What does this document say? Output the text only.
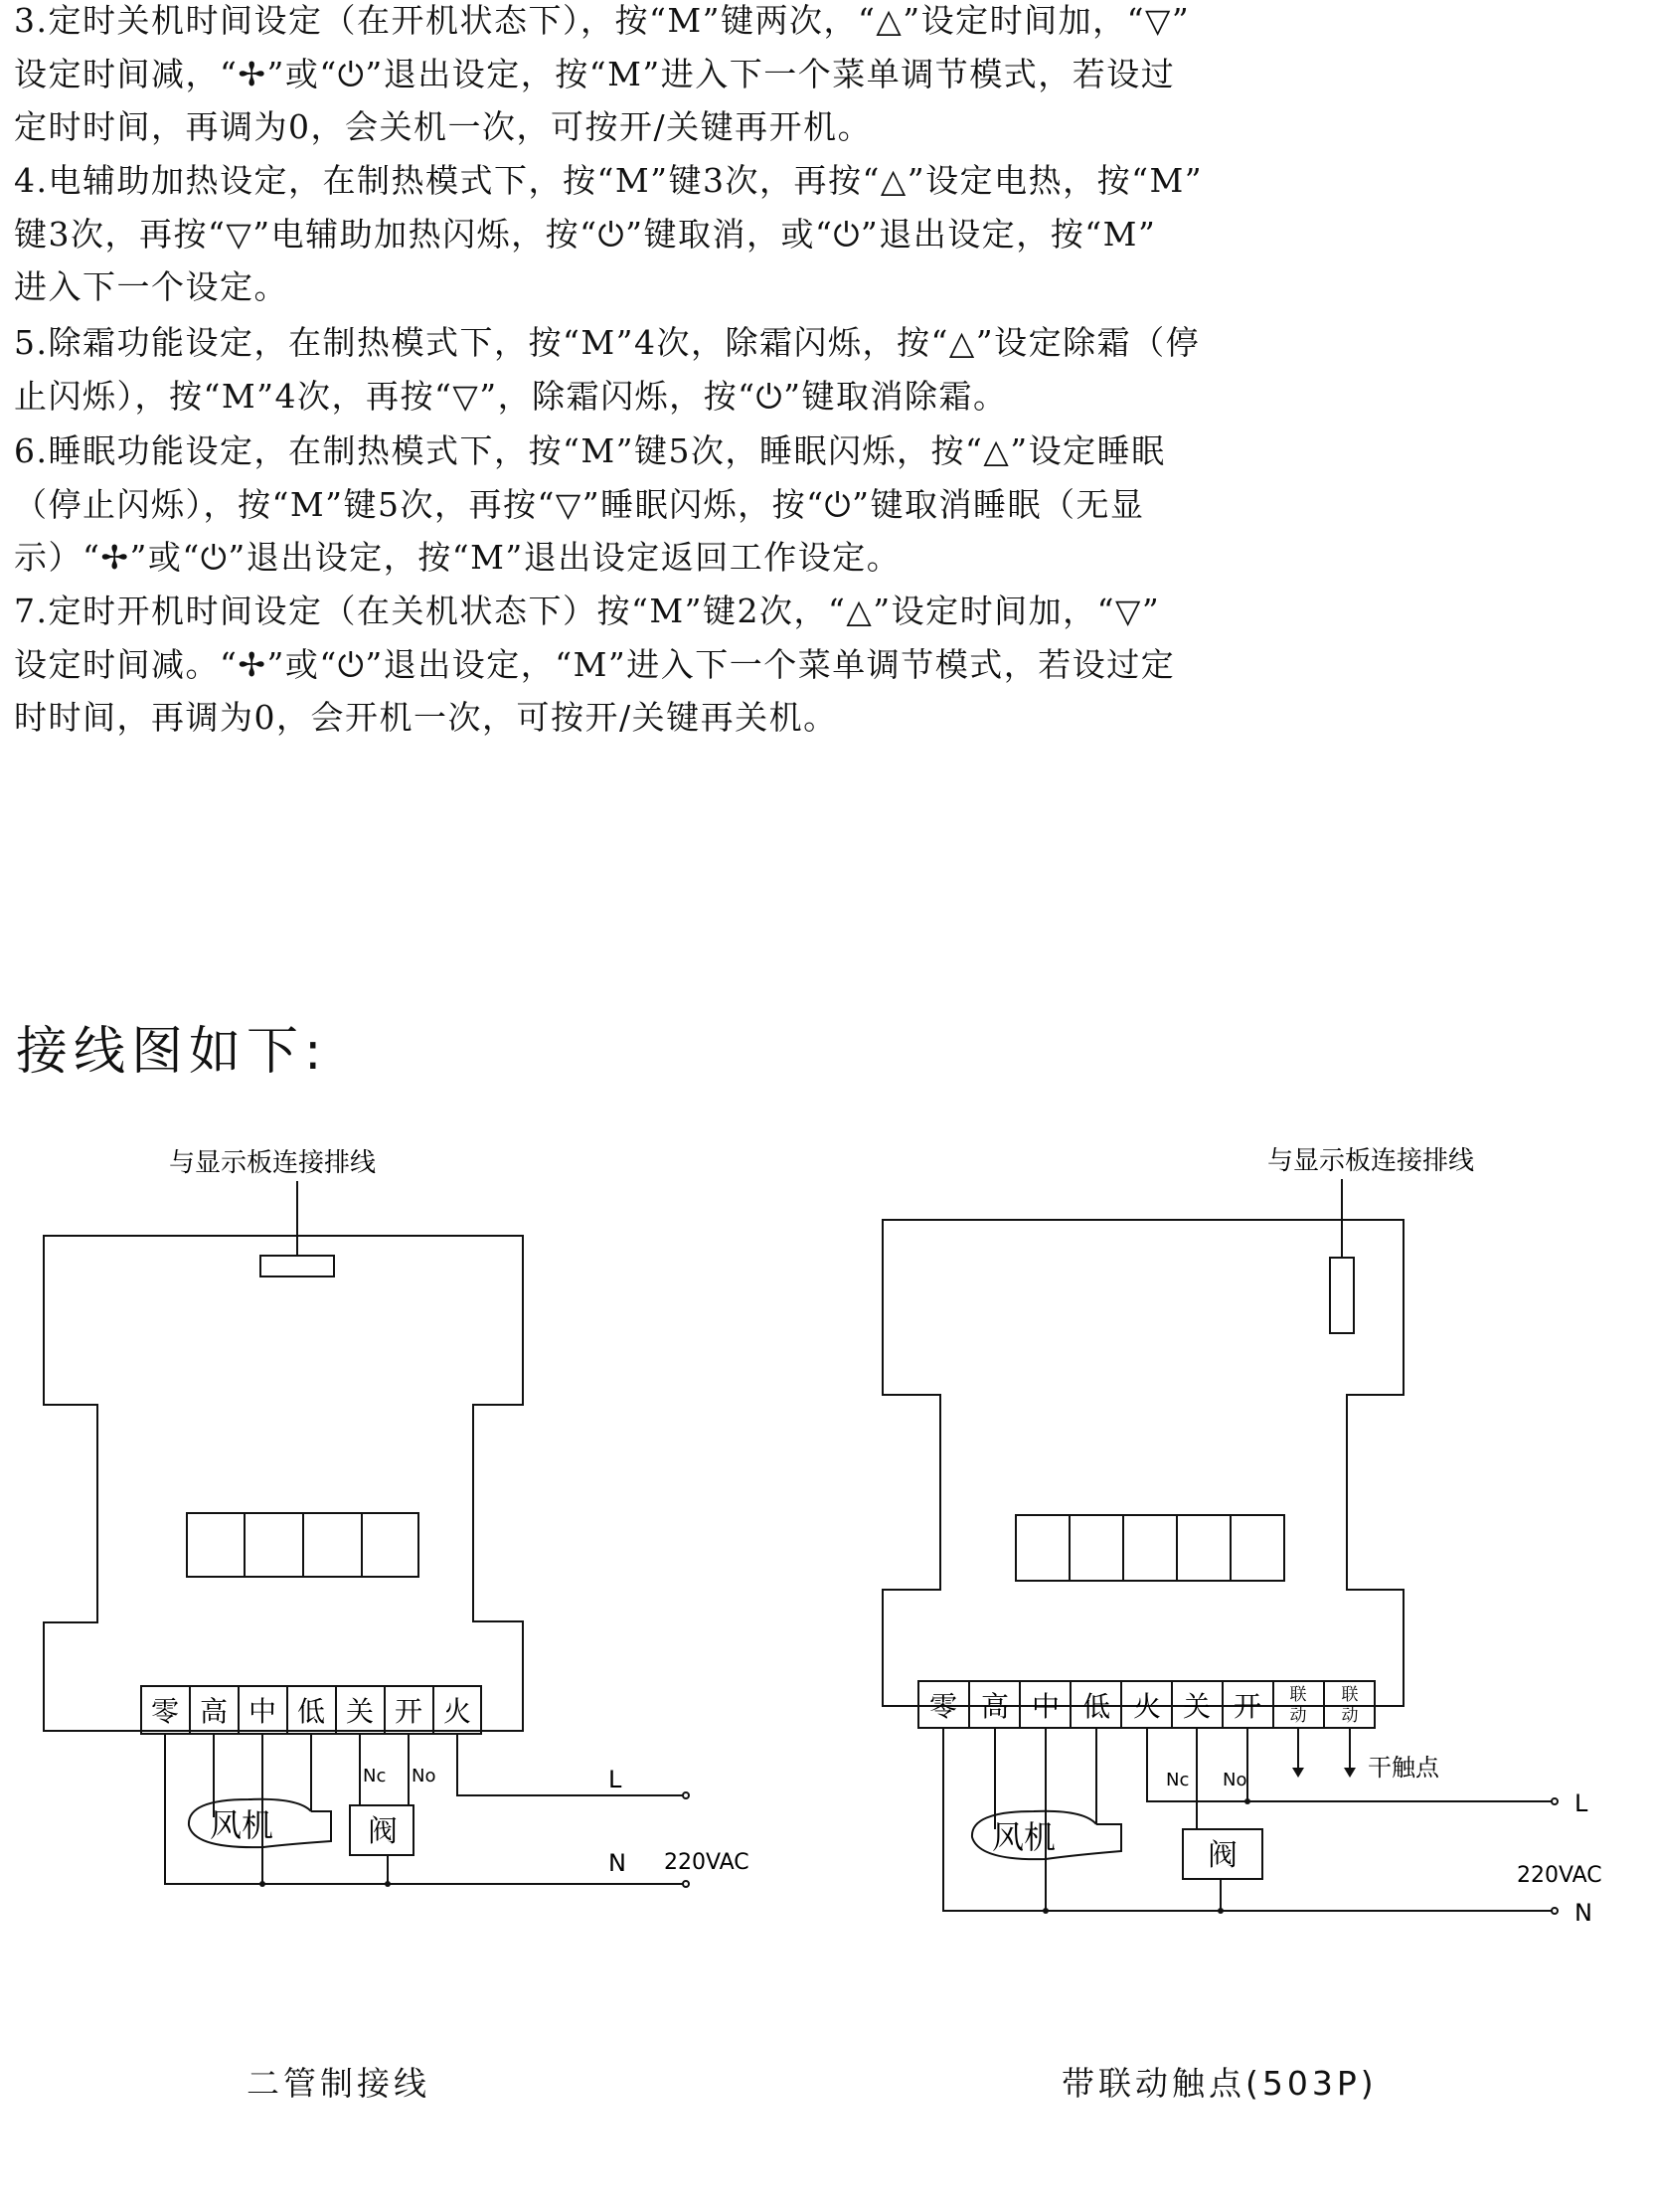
3.定时关机时间设定（在开机状态下），按“M”键两次，“△”设定时间加，“▽”
设定时间减，“✢”或“⏻”退出设定，按“M”进入下一个菜单调节模式，若设过
定时时间，再调为0，会关机一次，可按开/关键再开机。
4.电辅助加热设定，在制热模式下，按“M”键3次，再按“△”设定电热，按“M”
键3次，再按“▽”电辅助加热闪烁，按“⏻”键取消，或“⏻”退出设定，按“M”
进入下一个设定。
5.除霜功能设定，在制热模式下，按“M”4次，除霜闪烁，按“△”设定除霜（停
止闪烁），按“M”4次，再按“▽”，除霜闪烁，按“⏻”键取消除霜。
6.睡眠功能设定，在制热模式下，按“M”键5次，睡眠闪烁，按“△”设定睡眠
（停止闪烁），按“M”键5次，再按“▽”睡眠闪烁，按“⏻”键取消睡眠（无显
示）“✢”或“⏻”退出设定，按“M”退出设定返回工作设定。
7.定时开机时间设定（在关机状态下）按“M”键2次，“△”设定时间加，“▽”
设定时间减。“✢”或“⏻”退出设定，“M”进入下一个菜单调节模式，若设过定
时时间，再调为0，会开机一次，可按开/关键再关机。
接线图如下:
与显示板连接排线
零 高 中 低 关 开 火
Nc No
风机	阀
L
N 220VAC
与显示板连接排线
零 高 中 低 火 关 开 联
动
联
动
干触点
Nc No
风机	阀
L
N
220VAC
二管制接线	带联动触点(503P)
